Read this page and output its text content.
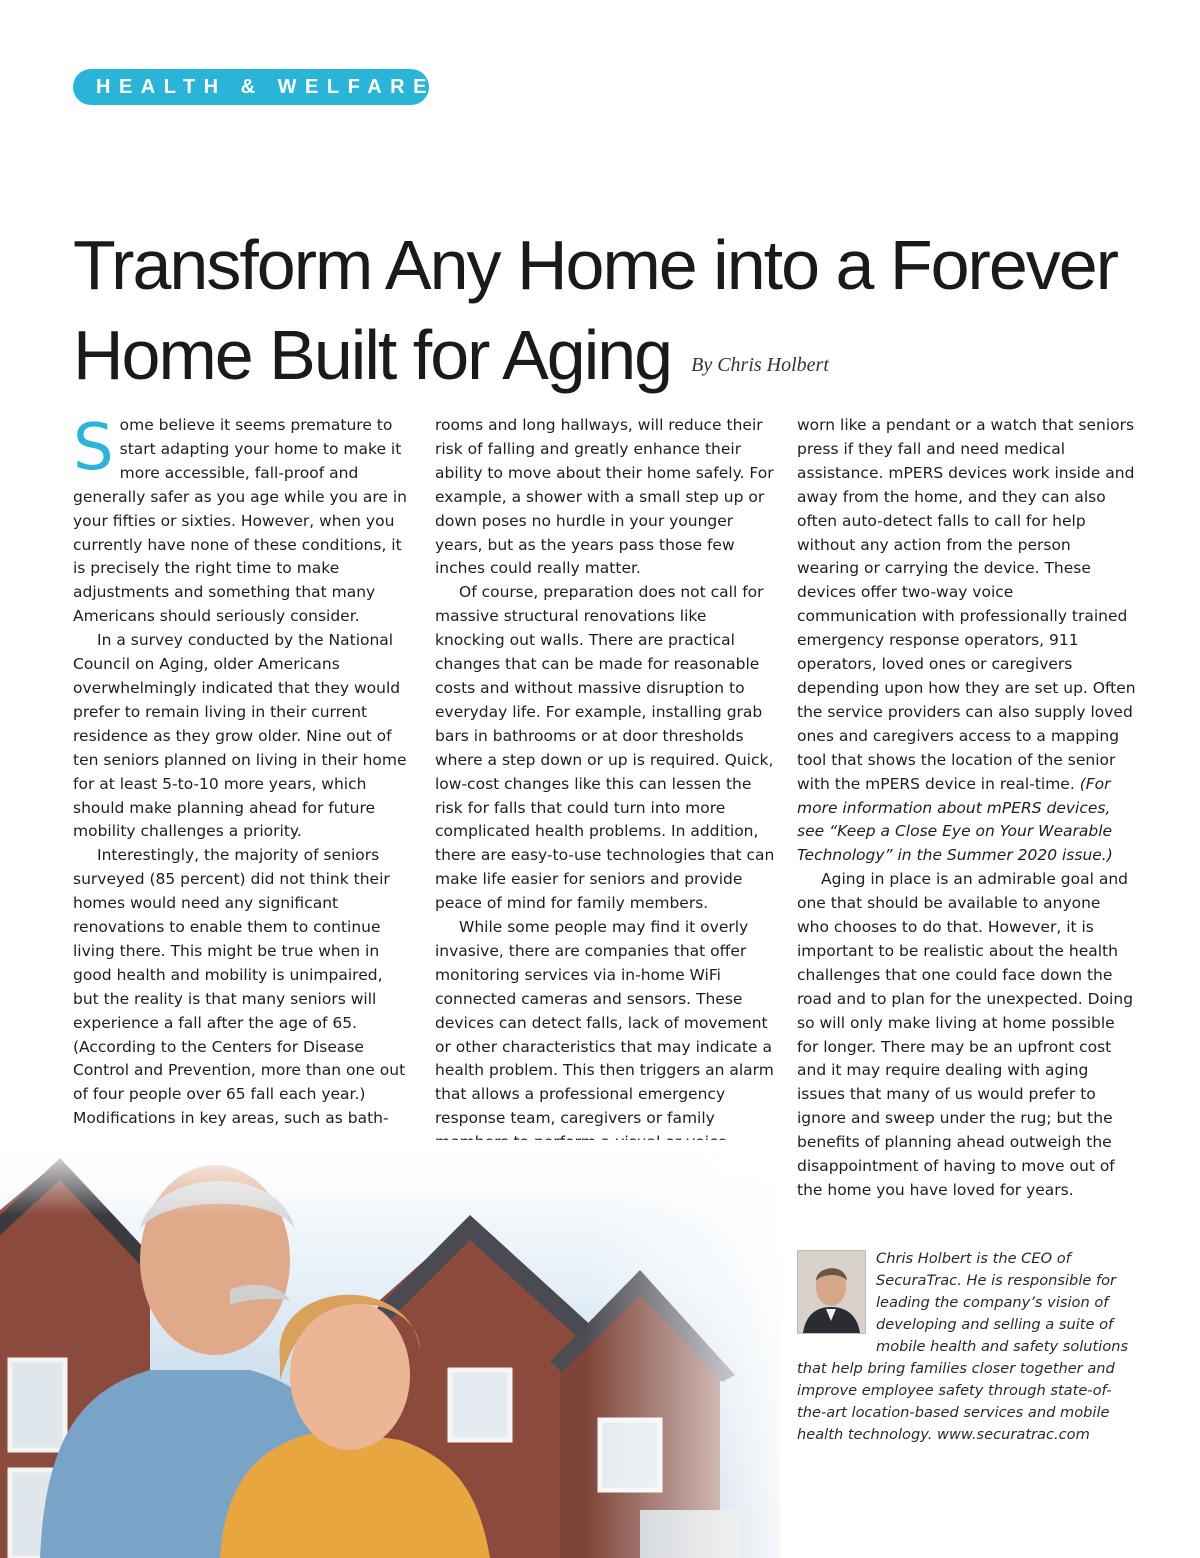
HEALTH & WELFARE
Transform Any Home into a Forever
Home Built for Aging By Chris Holbert

Some believe it seems premature to start adapting your home to make it more accessible, fall-proof and generally safer as you age while you are in your fifties or sixties. However, when you currently have none of these conditions, it is precisely the right time to make adjustments and something that many Americans should seriously consider.

In a survey conducted by the National Council on Aging, older Americans overwhelmingly indicated that they would prefer to remain living in their current residence as they grow older. Nine out of ten seniors planned on living in their home for at least 5-to-10 more years, which should make planning ahead for future mobility challenges a priority.

Interestingly, the majority of seniors surveyed (85 percent) did not think their homes would need any significant renovations to enable them to continue living there. This might be true when in good health and mobility is unimpaired, but the reality is that many seniors will experience a fall after the age of 65. (According to the Centers for Disease Control and Prevention, more than one out of four people over 65 fall each year.) Modifications in key areas, such as bath-

rooms and long hallways, will reduce their risk of falling and greatly enhance their ability to move about their home safely. For example, a shower with a small step up or down poses no hurdle in your younger years, but as the years pass those few inches could really matter.

Of course, preparation does not call for massive structural renovations like knocking out walls. There are practical changes that can be made for reasonable costs and without massive disruption to everyday life. For example, installing grab bars in bathrooms or at door thresholds where a step down or up is required. Quick, low-cost changes like this can lessen the risk for falls that could turn into more complicated health problems. In addition, there are easy-to-use technologies that can make life easier for seniors and provide peace of mind for family members.

While some people may find it overly invasive, there are companies that offer monitoring services via in-home WiFi connected cameras and sensors. These devices can detect falls, lack of movement or other characteristics that may indicate a health problem. This then triggers an alarm that allows a professional emergency response team, caregivers or family

worn like a pendant or a watch that seniors press if they fall and need medical assistance. mPERS devices work inside and away from the home, and they can also often auto-detect falls to call for help without any action from the person wearing or carrying the device. These devices offer two-way voice communication with professionally trained emergency response operators, 911 operators, loved ones or caregivers depending upon how they are set up. Often the service providers can also supply loved ones and caregivers access to a mapping tool that shows the location of the senior with the mPERS device in real-time. (For more information about mPERS devices, see “Keep a Close Eye on Your Wearable Technology” in the Summer 2020 issue.)

Aging in place is an admirable goal and one that should be available to anyone who chooses to do that. However, it is important to be realistic about the health challenges that one could face down the road and to plan for the unexpected. Doing so will only make living at home possible for longer. There may be an upfront cost and it may require dealing with aging issues that many of us would prefer to ignore and sweep under the rug; but the benefits of planning ahead outweigh the disappointment of having to move out of the home you have loved for years.

Chris Holbert is the CEO of SecuraTrac. He is responsible for leading the company’s vision of developing and selling a suite of mobile health and safety solutions that help bring families closer together and improve employee safety through state-of-the-art location-based services and mobile health technology. www.securatrac.com
